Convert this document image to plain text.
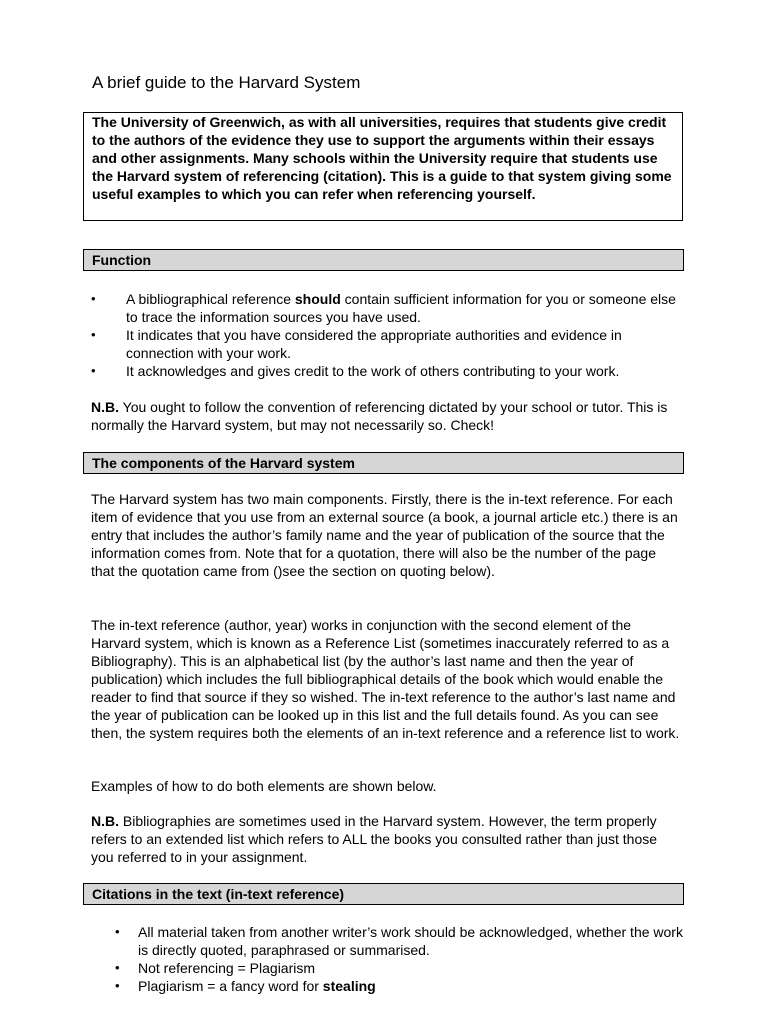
A brief guide to the Harvard System

The University of Greenwich, as with all universities, requires that students give credit to the authors of the evidence they use to support the arguments within their essays and other assignments. Many schools within the University require that students use the Harvard system of referencing (citation). This is a guide to that system giving some useful examples to which you can refer when referencing yourself.

Function
• A bibliographical reference should contain sufficient information for you or someone else to trace the information sources you have used.
• It indicates that you have considered the appropriate authorities and evidence in connection with your work.
• It acknowledges and gives credit to the work of others contributing to your work.
N.B. You ought to follow the convention of referencing dictated by your school or tutor. This is normally the Harvard system, but may not necessarily so. Check!
The components of the Harvard system
The Harvard system has two main components. Firstly, there is the in-text reference. For each item of evidence that you use from an external source (a book, a journal article etc.) there is an entry that includes the author’s family name and the year of publication of the source that the information comes from. Note that for a quotation, there will also be the number of the page that the quotation came from ()see the section on quoting below).
The in-text reference (author, year) works in conjunction with the second element of the Harvard system, which is known as a Reference List (sometimes inaccurately referred to as a Bibliography). This is an alphabetical list (by the author’s last name and then the year of publication) which includes the full bibliographical details of the book which would enable the reader to find that source if they so wished. The in-text reference to the author’s last name and the year of publication can be looked up in this list and the full details found. As you can see then, the system requires both the elements of an in-text reference and a reference list to work.
Examples of how to do both elements are shown below.
N.B. Bibliographies are sometimes used in the Harvard system. However, the term properly refers to an extended list which refers to ALL the books you consulted rather than just those you referred to in your assignment.
Citations in the text (in-text reference)
• All material taken from another writer’s work should be acknowledged, whether the work is directly quoted, paraphrased or summarised.
• Not referencing = Plagiarism
• Plagiarism = a fancy word for stealing
